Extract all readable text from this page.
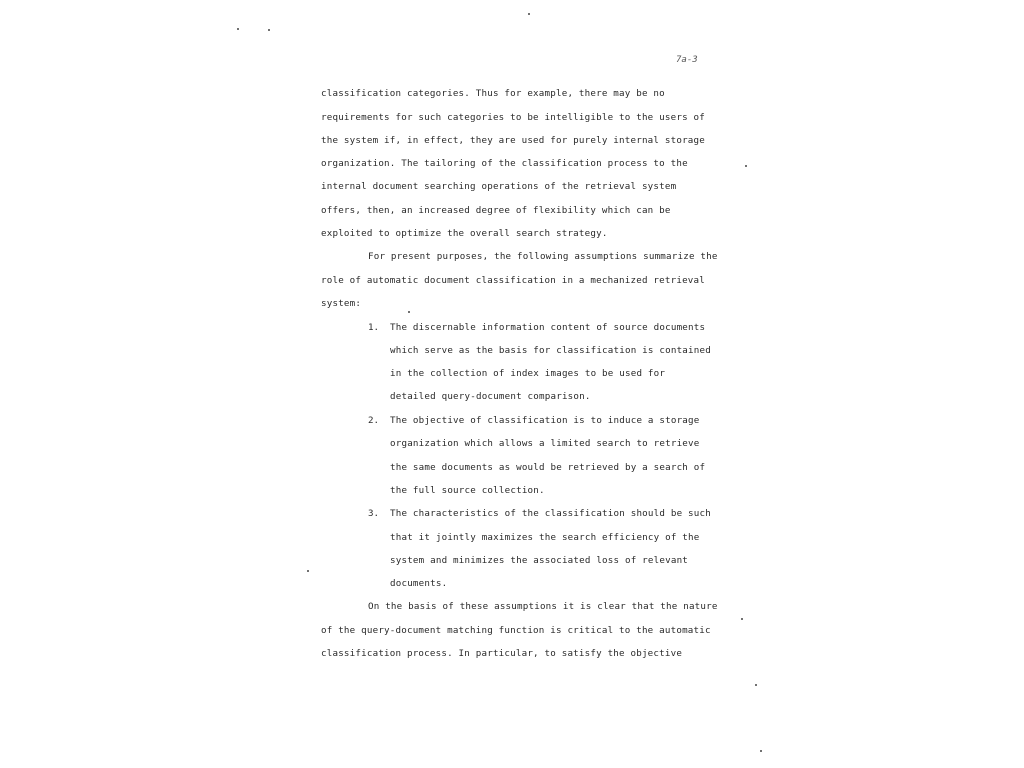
7a-3
classification categories. Thus for example, there may be no
requirements for such categories to be intelligible to the users of
the system if, in effect, they are used for purely internal storage
organization. The tailoring of the classification process to the
internal document searching operations of the retrieval system
offers, then, an increased degree of flexibility which can be
exploited to optimize the overall search strategy.
For present purposes, the following assumptions summarize the
role of automatic document classification in a mechanized retrieval
system:
1. The discernable information content of source documents
which serve as the basis for classification is contained
in the collection of index images to be used for
detailed query-document comparison.
2. The objective of classification is to induce a storage
organization which allows a limited search to retrieve
the same documents as would be retrieved by a search of
the full source collection.
3. The characteristics of the classification should be such
that it jointly maximizes the search efficiency of the
system and minimizes the associated loss of relevant
documents.
On the basis of these assumptions it is clear that the nature
of the query-document matching function is critical to the automatic
classification process. In particular, to satisfy the objective
